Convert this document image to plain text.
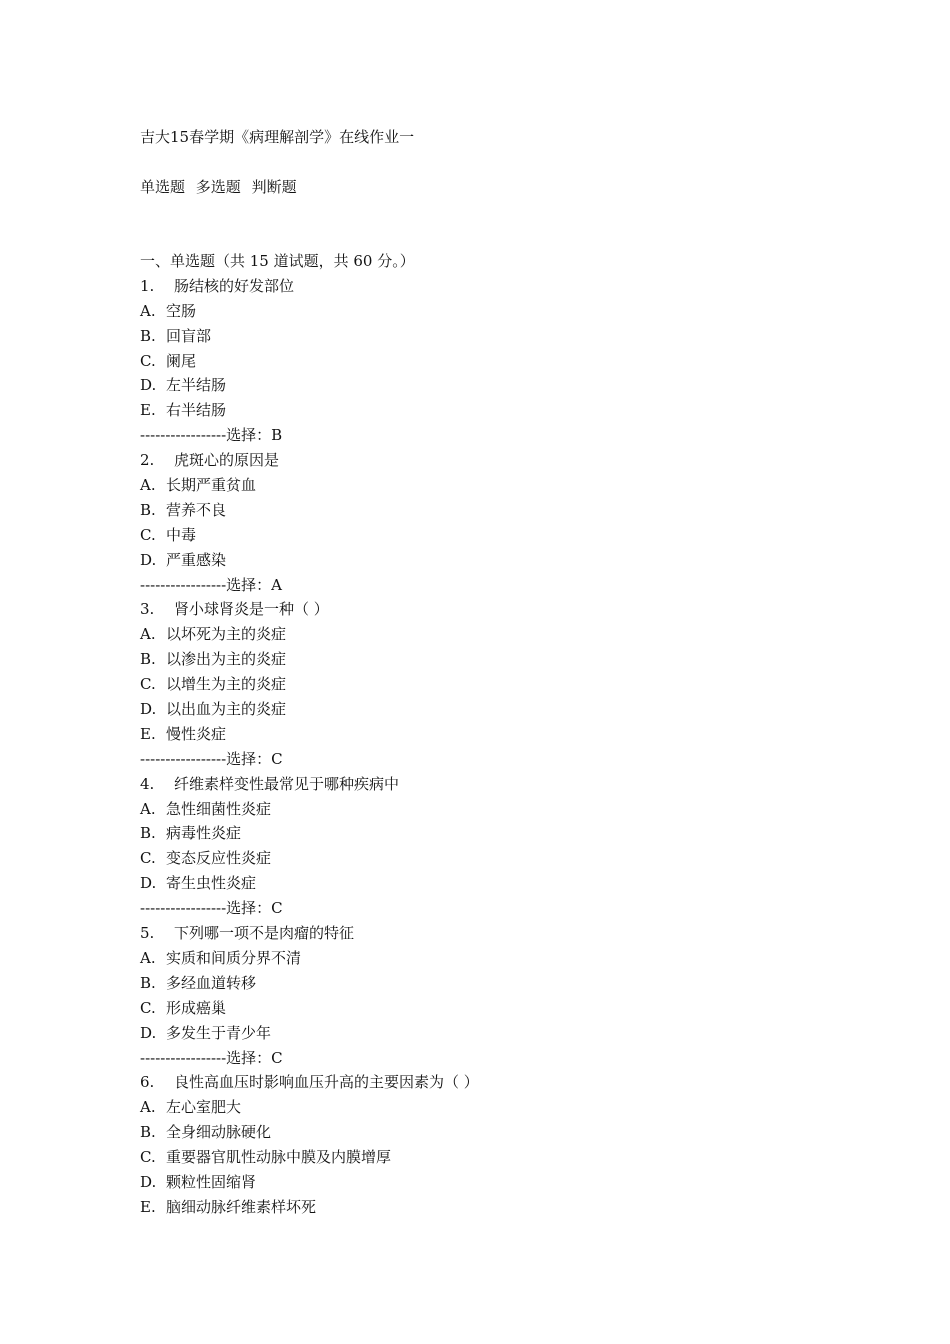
吉大15春学期《病理解剖学》在线作业一
单选题 多选题 判断题
一、单选题（共 15 道试题，共 60 分。）
1. 肠结核的好发部位
A. 空肠
B. 回盲部
C. 阑尾
D. 左半结肠
E. 右半结肠
-----------------选择：B
2. 虎斑心的原因是
A. 长期严重贫血
B. 营养不良
C. 中毒
D. 严重感染
-----------------选择：A
3. 肾小球肾炎是一种（ ）
A. 以坏死为主的炎症
B. 以渗出为主的炎症
C. 以增生为主的炎症
D. 以出血为主的炎症
E. 慢性炎症
-----------------选择：C
4. 纤维素样变性最常见于哪种疾病中
A. 急性细菌性炎症
B. 病毒性炎症
C. 变态反应性炎症
D. 寄生虫性炎症
-----------------选择：C
5. 下列哪一项不是肉瘤的特征
A. 实质和间质分界不清
B. 多经血道转移
C. 形成癌巢
D. 多发生于青少年
-----------------选择：C
6. 良性高血压时影响血压升高的主要因素为（ ）
A. 左心室肥大
B. 全身细动脉硬化
C. 重要器官肌性动脉中膜及内膜增厚
D. 颗粒性固缩肾
E. 脑细动脉纤维素样坏死
